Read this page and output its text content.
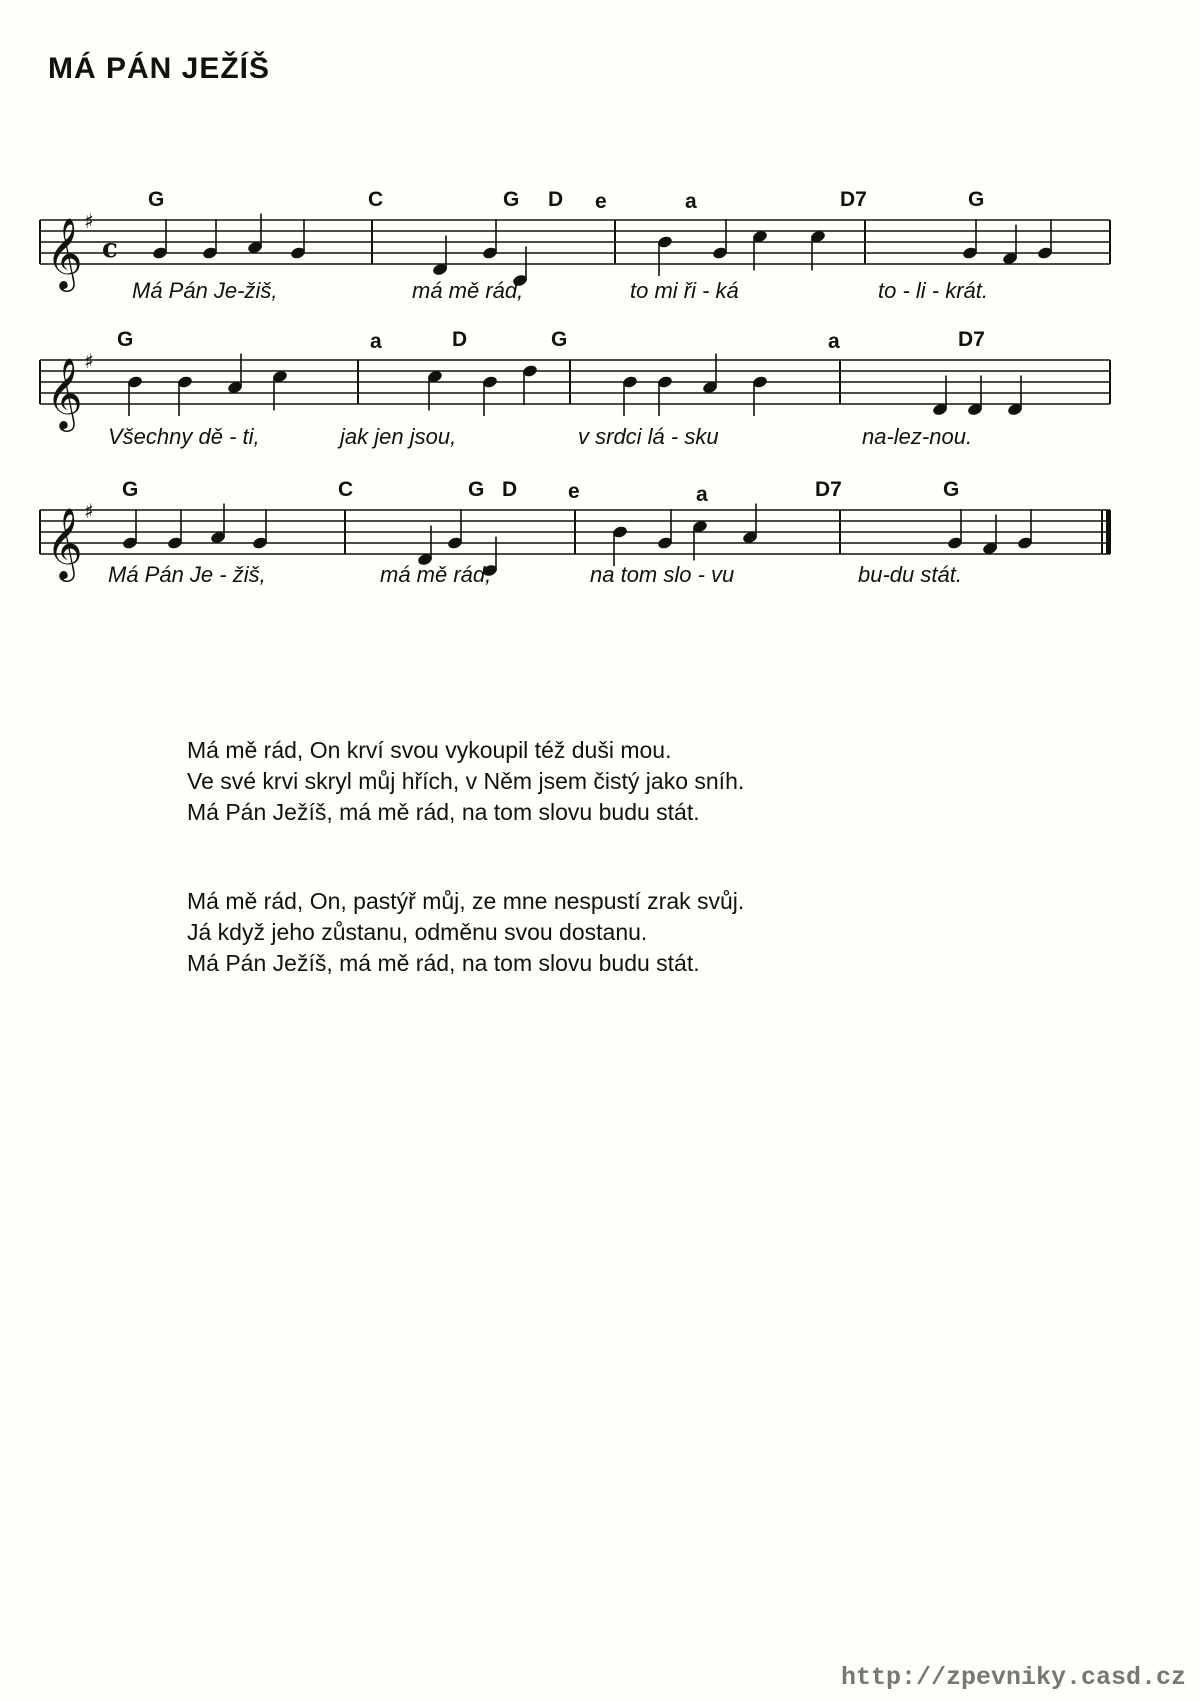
MÁ PÁN JEŽÍŠ
𝄞 ♯
c
G	C	G D e	a	D7	G
Má Pán Je-žiš,	má mě rád,	to mi ři - ká	to - li - krát.
𝄞 ♯
G	a	D	G	a	D7
Všechny dě - ti,	jak jen jsou,	v srdci lá - sku	na-lez-nou.
𝄞 ♯
G	C	G D e	a	D7	G
Má Pán Je - žiš,	má mě rád,	na tom slo - vu	bu-du stát.
Má mě rád, On krví svou vykoupil též duši mou.
Ve své krvi skryl můj hřích, v Něm jsem čistý jako sníh.
Má Pán Ježíš, má mě rád, na tom slovu budu stát.
Má mě rád, On, pastýř můj, ze mne nespustí zrak svůj.
Já když jeho zůstanu, odměnu svou dostanu.
Má Pán Ježíš, má mě rád, na tom slovu budu stát.
http://zpevniky.casd.cz
